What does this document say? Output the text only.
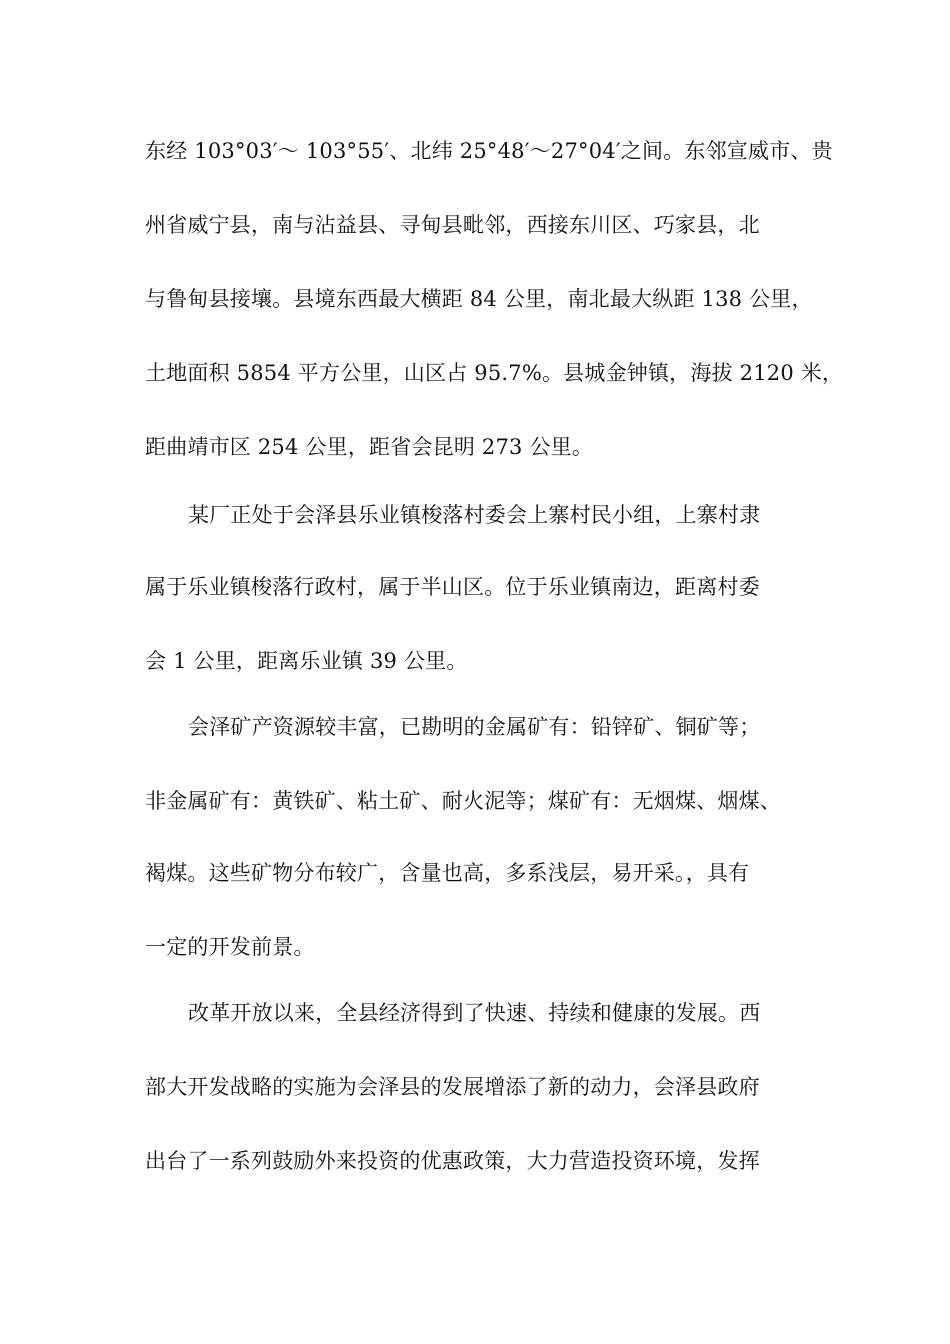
东经 103°03′～ 103°55′、北纬 25°48′～27°04′之间。东邻宣威市、贵
州省威宁县，南与沾益县、寻甸县毗邻，西接东川区、巧家县，北
与鲁甸县接壤。县境东西最大横距 84 公里，南北最大纵距 138 公里，
土地面积 5854 平方公里，山区占 95.7%。县城金钟镇，海拔 2120 米，
距曲靖市区 254 公里，距省会昆明 273 公里。
某厂正处于会泽县乐业镇梭落村委会上寨村民小组，上寨村隶
属于乐业镇梭落行政村，属于半山区。位于乐业镇南边，距离村委
会 1 公里，距离乐业镇 39 公里。
会泽矿产资源较丰富，已勘明的金属矿有：铅锌矿、铜矿等；
非金属矿有：黄铁矿、粘土矿、耐火泥等；煤矿有：无烟煤、烟煤、
褐煤。这些矿物分布较广，含量也高，多系浅层，易开采。，具有
一定的开发前景。
改革开放以来，全县经济得到了快速、持续和健康的发展。西
部大开发战略的实施为会泽县的发展增添了新的动力，会泽县政府
出台了一系列鼓励外来投资的优惠政策，大力营造投资环境，发挥
